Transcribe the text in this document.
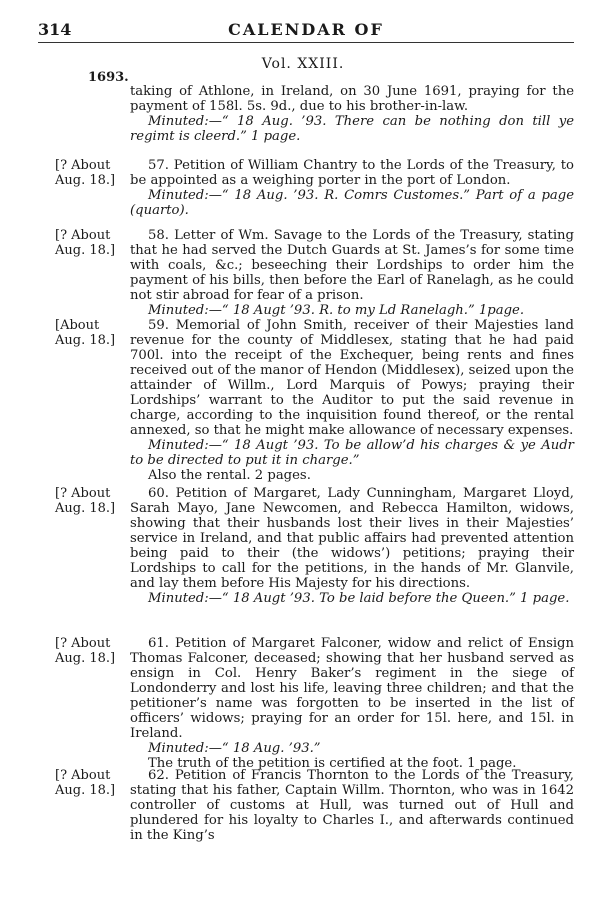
314	CALENDAR OF
Vol. XXIII.
1693.

taking of Athlone, in Ireland, on 30 June 1691, praying for the payment of 158l. 5s. 9d., due to his brother-in-law.

Minuted:—“ 18 Aug. ’93. There can be nothing don till ye regimt is cleerd.” 1 page.

[? About Aug. 18.]

57. Petition of William Chantry to the Lords of the Treasury, to be appointed as a weighing porter in the port of London.

Minuted:—“ 18 Aug. ’93. R. Comrs Customes.” Part of a page (quarto).

[? About Aug. 18.]

58. Letter of Wm. Savage to the Lords of the Treasury, stating that he had served the Dutch Guards at St. James’s for some time with coals, &c.; beseeching their Lordships to order him the payment of his bills, then before the Earl of Ranelagh, as he could not stir abroad for fear of a prison.

Minuted:—“ 18 Augt ’93. R. to my Ld Ranelagh.” 1page.

[About Aug. 18.]

59. Memorial of John Smith, receiver of their Majesties land revenue for the county of Middlesex, stating that he had paid 700l. into the receipt of the Exchequer, being rents and fines received out of the manor of Hendon (Middlesex), seized upon the attainder of Willm., Lord Marquis of Powys; praying their Lordships’ warrant to the Auditor to put the said revenue in charge, according to the inquisition found thereof, or the rental annexed, so that he might make allowance of necessary expenses.

Minuted:—“ 18 Augt ’93. To be allow’d his charges & ye Audr to be directed to put it in charge.”

Also the rental. 2 pages.

[? About Aug. 18.]

60. Petition of Margaret, Lady Cunningham, Margaret Lloyd, Sarah Mayo, Jane Newcomen, and Rebecca Hamilton, widows, showing that their husbands lost their lives in their Majesties’ service in Ireland, and that public affairs had prevented attention being paid to their (the widows’) petitions; praying their Lordships to call for the petitions, in the hands of Mr. Glanvile, and lay them before His Majesty for his directions.

Minuted:—“ 18 Augt ’93. To be laid before the Queen.” 1 page.

[? About Aug. 18.]

61. Petition of Margaret Falconer, widow and relict of Ensign Thomas Falconer, deceased; showing that her husband served as ensign in Col. Henry Baker’s regiment in the siege of Londonderry and lost his life, leaving three children; and that the petitioner’s name was forgotten to be inserted in the list of officers’ widows; praying for an order for 15l. here, and 15l. in Ireland.

Minuted:—“ 18 Aug. ’93.”

The truth of the petition is certified at the foot. 1 page.

[? About Aug. 18.]

62. Petition of Francis Thornton to the Lords of the Treasury, stating that his father, Captain Willm. Thornton, who was in 1642 controller of customs at Hull, was turned out of Hull and plundered for his loyalty to Charles I., and afterwards continued in the King’s
